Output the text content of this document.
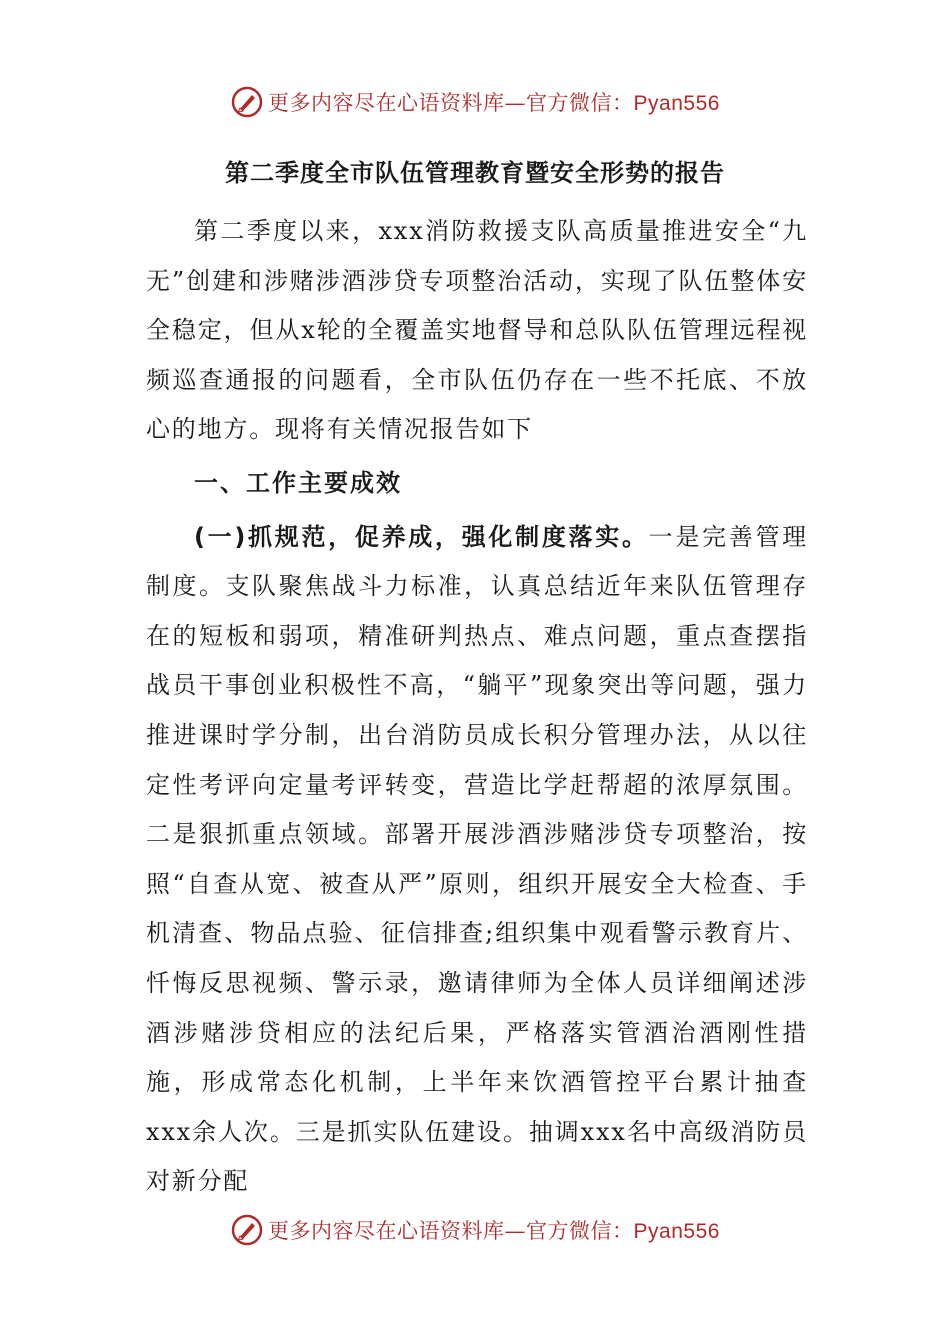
更多内容尽在心语资料库—官方微信：Pyan556
第二季度全市队伍管理教育暨安全形势的报告

第二季度以来，xxx消防救援支队高质量推进安全“九无”创建和涉赌涉酒涉贷专项整治活动，实现了队伍整体安全稳定，但从x轮的全覆盖实地督导和总队队伍管理远程视频巡查通报的问题看，全市队伍仍存在一些不托底、不放心的地方。现将有关情况报告如下

一、工作主要成效

(一)抓规范，促养成，强化制度落实。一是完善管理制度。支队聚焦战斗力标准，认真总结近年来队伍管理存在的短板和弱项，精准研判热点、难点问题，重点查摆指战员干事创业积极性不高，“躺平”现象突出等问题，强力推进课时学分制，出台消防员成长积分管理办法，从以往定性考评向定量考评转变，营造比学赶帮超的浓厚氛围。二是狠抓重点领域。部署开展涉酒涉赌涉贷专项整治，按照“自查从宽、被查从严”原则，组织开展安全大检查、手机清查、物品点验、征信排查;组织集中观看警示教育片、忏悔反思视频、警示录，邀请律师为全体人员详细阐述涉酒涉赌涉贷相应的法纪后果，严格落实管酒治酒刚性措施，形成常态化机制，上半年来饮酒管控平台累计抽查xxx余人次。三是抓实队伍建设。抽调xxx名中高级消防员对新分配

更多内容尽在心语资料库—官方微信：Pyan556
